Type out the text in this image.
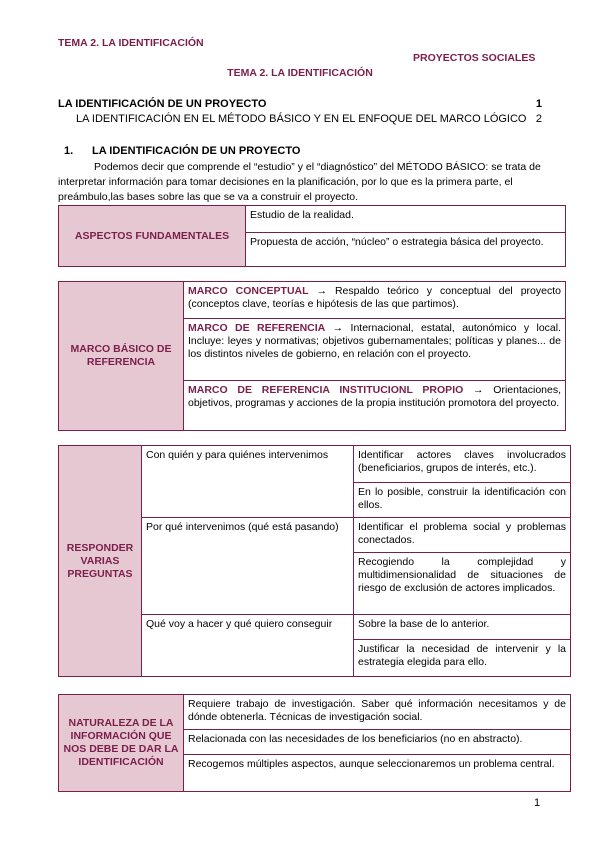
TEMA 2. LA IDENTIFICACIÓN
PROYECTOS SOCIALES
TEMA 2. LA IDENTIFICACIÓN
LA IDENTIFICACIÓN DE UN PROYECTO	1
LA IDENTIFICACIÓN EN EL MÉTODO BÁSICO Y EN EL ENFOQUE DEL MARCO LÓGICO 2
1. LA IDENTIFICACIÓN DE UN PROYECTO
Podemos decir que comprende el “estudio” y el “diagnóstico” del MÉTODO BÁSICO: se trata de interpretar información para tomar decisiones en la planificación, por lo que es la primera parte, el preámbulo,las bases sobre las que se va a construir el proyecto.
ASPECTOS FUNDAMENTALES	Estudio de la realidad.
Propuesta de acción, “núcleo” o estrategia básica del proyecto.
MARCO BÁSICO DE REFERENCIA	MARCO CONCEPTUAL → Respaldo teórico y conceptual del proyecto (conceptos clave, teorías e hipótesis de las que partimos).
MARCO DE REFERENCIA → Internacional, estatal, autonómico y local. Incluye: leyes y normativas; objetivos gubernamentales; políticas y planes... de los distintos niveles de gobierno, en relación con el proyecto.
MARCO DE REFERENCIA INSTITUCIONL PROPIO → Orientaciones, objetivos, programas y acciones de la propia institución promotora del proyecto.
RESPONDER VARIAS PREGUNTAS	Con quién y para quiénes intervenimos	Identificar actores claves involucrados (beneficiarios, grupos de interés, etc.).
		En lo posible, construir la identificación con ellos.
	Por qué intervenimos (qué está pasando)	Identificar el problema social y problemas conectados.
		Recogiendo la complejidad y multidimensionalidad de situaciones de riesgo de exclusión de actores implicados.
	Qué voy a hacer y qué quiero conseguir	Sobre la base de lo anterior.
		Justificar la necesidad de intervenir y la estrategia elegida para ello.
NATURALEZA DE LA INFORMACIÓN QUE NOS DEBE DE DAR LA IDENTIFICACIÓN	Requiere trabajo de investigación. Saber qué información necesitamos y de dónde obtenerla. Técnicas de investigación social.
Relacionada con las necesidades de los beneficiarios (no en abstracto).
Recogemos múltiples aspectos, aunque seleccionaremos un problema central.
1
